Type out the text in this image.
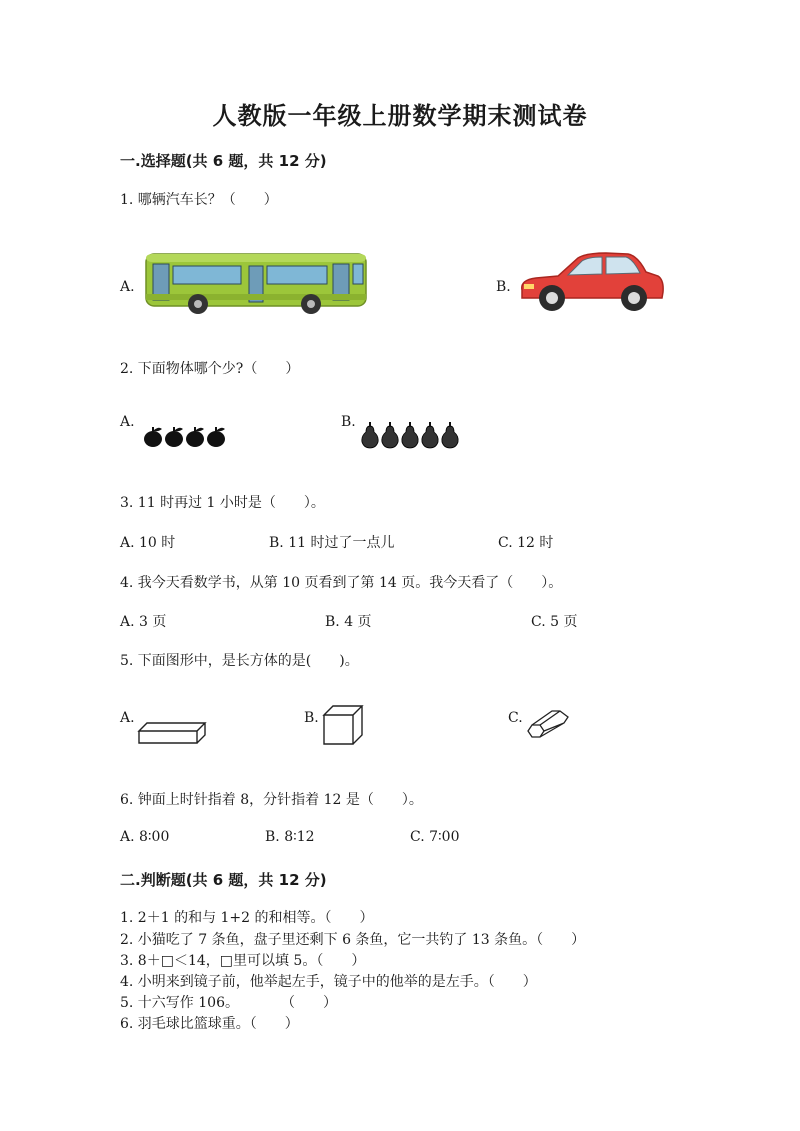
人教版一年级上册数学期末测试卷
一.选择题(共 6 题，共 12 分)
1. 哪辆汽车长？（　　）
A.	B.
2. 下面物体哪个少?（　　）
A.	B.
3. 11 时再过 1 小时是（　　）。
A. 10 时	B. 11 时过了一点儿	C. 12 时
4. 我今天看数学书，从第 10 页看到了第 14 页。我今天看了（　　）。
A. 3 页	B. 4 页	C. 5 页
5. 下面图形中，是长方体的是(　　)。
A.	B.	C.
6. 钟面上时针指着 8，分针指着 12 是（　　）。
A. 8∶00	B. 8∶12	C. 7∶00
二.判断题(共 6 题，共 12 分)
1. 2＋1 的和与 1+2 的和相等。（　　）
2. 小猫吃了 7 条鱼，盘子里还剩下 6 条鱼，它一共钓了 13 条鱼。（　　）
3. 8＋□＜14，□里可以填 5。（　　）
4. 小明来到镜子前，他举起左手，镜子中的他举的是左手。（　　）
5. 十六写作 106。　　　　（　　）
6. 羽毛球比篮球重。（　　）
